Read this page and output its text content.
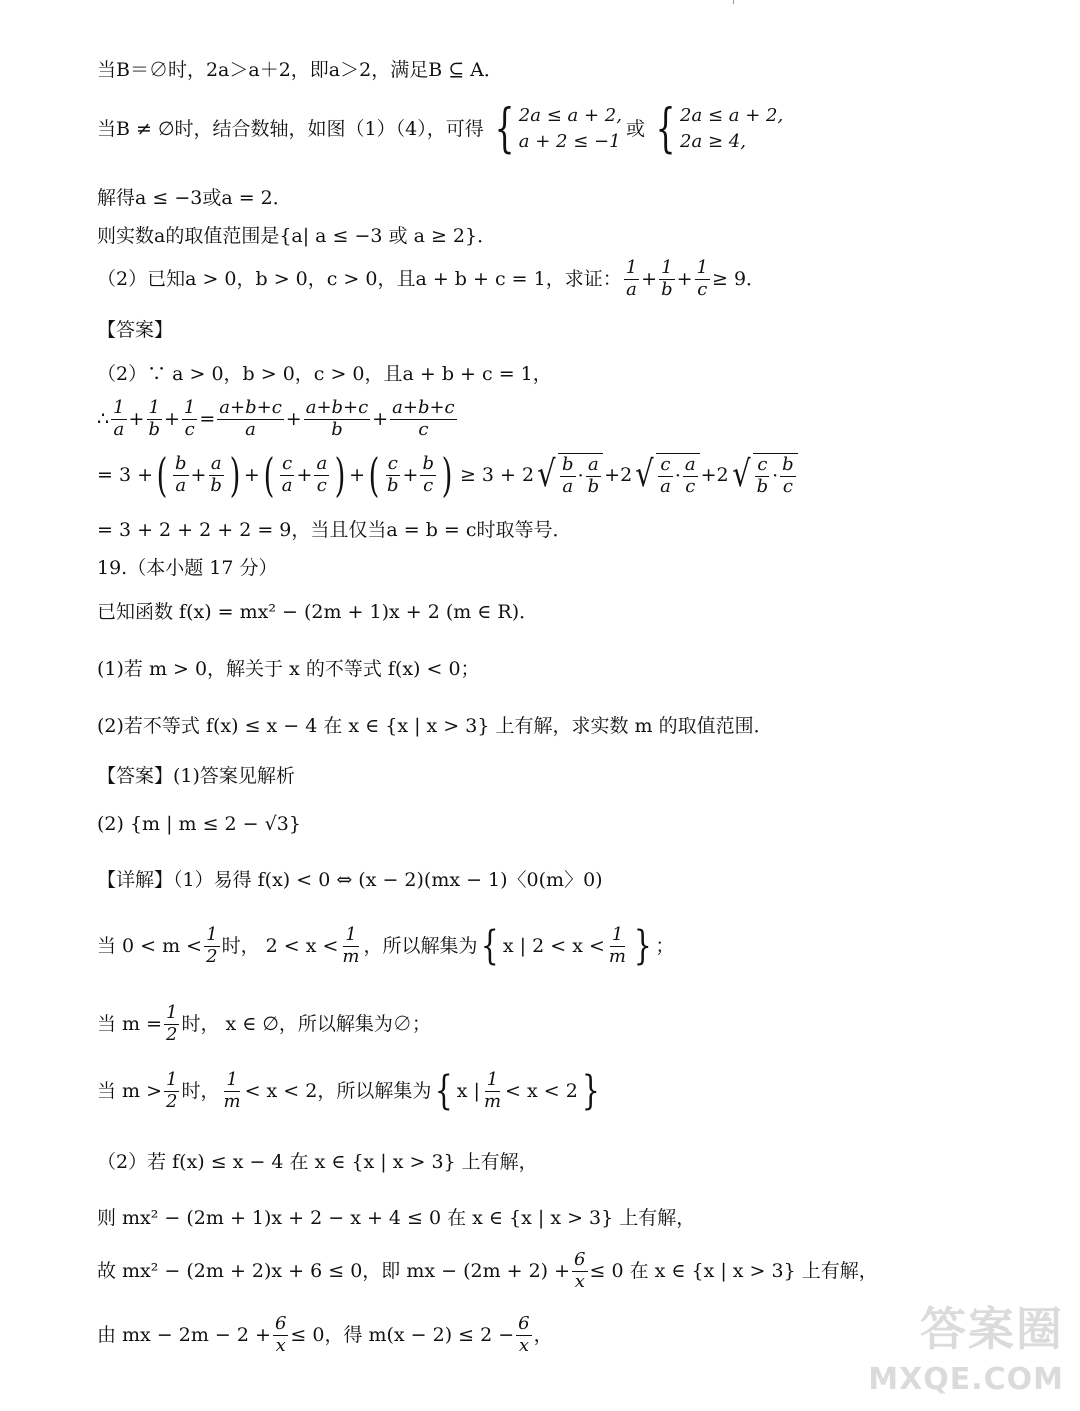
当B＝∅时，2a＞a＋2，即a＞2，满足B ⊆ A．
当B ≠ ∅时，结合数轴，如图（1）（4），可得 { 2a ≤ a + 2,
a + 2 ≤ −1
或 { 2a ≤ a + 2,
2a ≥ 4,
解得a ≤ −3或a = 2．
则实数a的取值范围是{a| a ≤ −3 或 a ≥ 2}．
（2）已知a > 0，b > 0，c > 0，且a + b + c = 1，求证： $\frac{1}{a} + \frac{1}{b} + \frac{1}{c} \ge 9$．
【答案】
（2）∵ a > 0，b > 0，c > 0，且a + b + c = 1，
∴ $\frac{1}{a} + \frac{1}{b} + \frac{1}{c} = \frac{a+b+c}{a} + \frac{a+b+c}{b} + \frac{a+b+c}{c}$
= 3 + ( $\frac{b}{a} + \frac{a}{b}$ ) + ( $\frac{c}{a} + \frac{a}{c}$ ) + ( $\frac{c}{b} + \frac{b}{c}$ ) ≥ 3 + 2 √ $\frac{b}{a} \cdot \frac{a}{b} + 2$ √ $\frac{c}{a} \cdot \frac{a}{c} + 2$ √ $\frac{c}{b} \cdot \frac{b}{c}$
= 3 + 2 + 2 + 2 = 9，当且仅当a = b = c时取等号．
19.（本小题 17 分）
已知函数 f(x) = mx² − (2m + 1)x + 2 (m ∈ R)．
(1)若 m > 0，解关于 x 的不等式 f(x) < 0；
(2)若不等式 f(x) ≤ x − 4 在 x ∈ {x | x > 3} 上有解，求实数 m 的取值范围．
【答案】(1)答案见解析
(2) {m | m ≤ 2 − √3}
【详解】（1）易得 f(x) < 0 ⇔ (x − 2)(mx − 1)〈0(m〉0)
当 $0 < m < \frac{1}{2}$ 时， $2 < x < \frac{1}{m}$ ，所以解集为 { x | $2 < x < \frac{1}{m}$ } ；
当 $m = \frac{1}{2}$ 时， x ∈ ∅，所以解集为∅；
当 $m > \frac{1}{2}$ 时， $\frac{1}{m} < x < 2$，所以解集为 { x | $\frac{1}{m} < x < 2$ }
（2）若 f(x) ≤ x − 4 在 x ∈ {x | x > 3} 上有解，
则 mx² − (2m + 1)x + 2 − x + 4 ≤ 0 在 x ∈ {x | x > 3} 上有解，
故 mx² − (2m + 2)x + 6 ≤ 0，即 mx − $(2m + 2) + \frac{6}{x} \le 0$ 在 x ∈ {x | x > 3} 上有解，
由 mx − $2m - 2 + \frac{6}{x} \le 0$，得 $m(x - 2) \le 2 - \frac{6}{x}$ ，	答案圈
MXQE.COM
